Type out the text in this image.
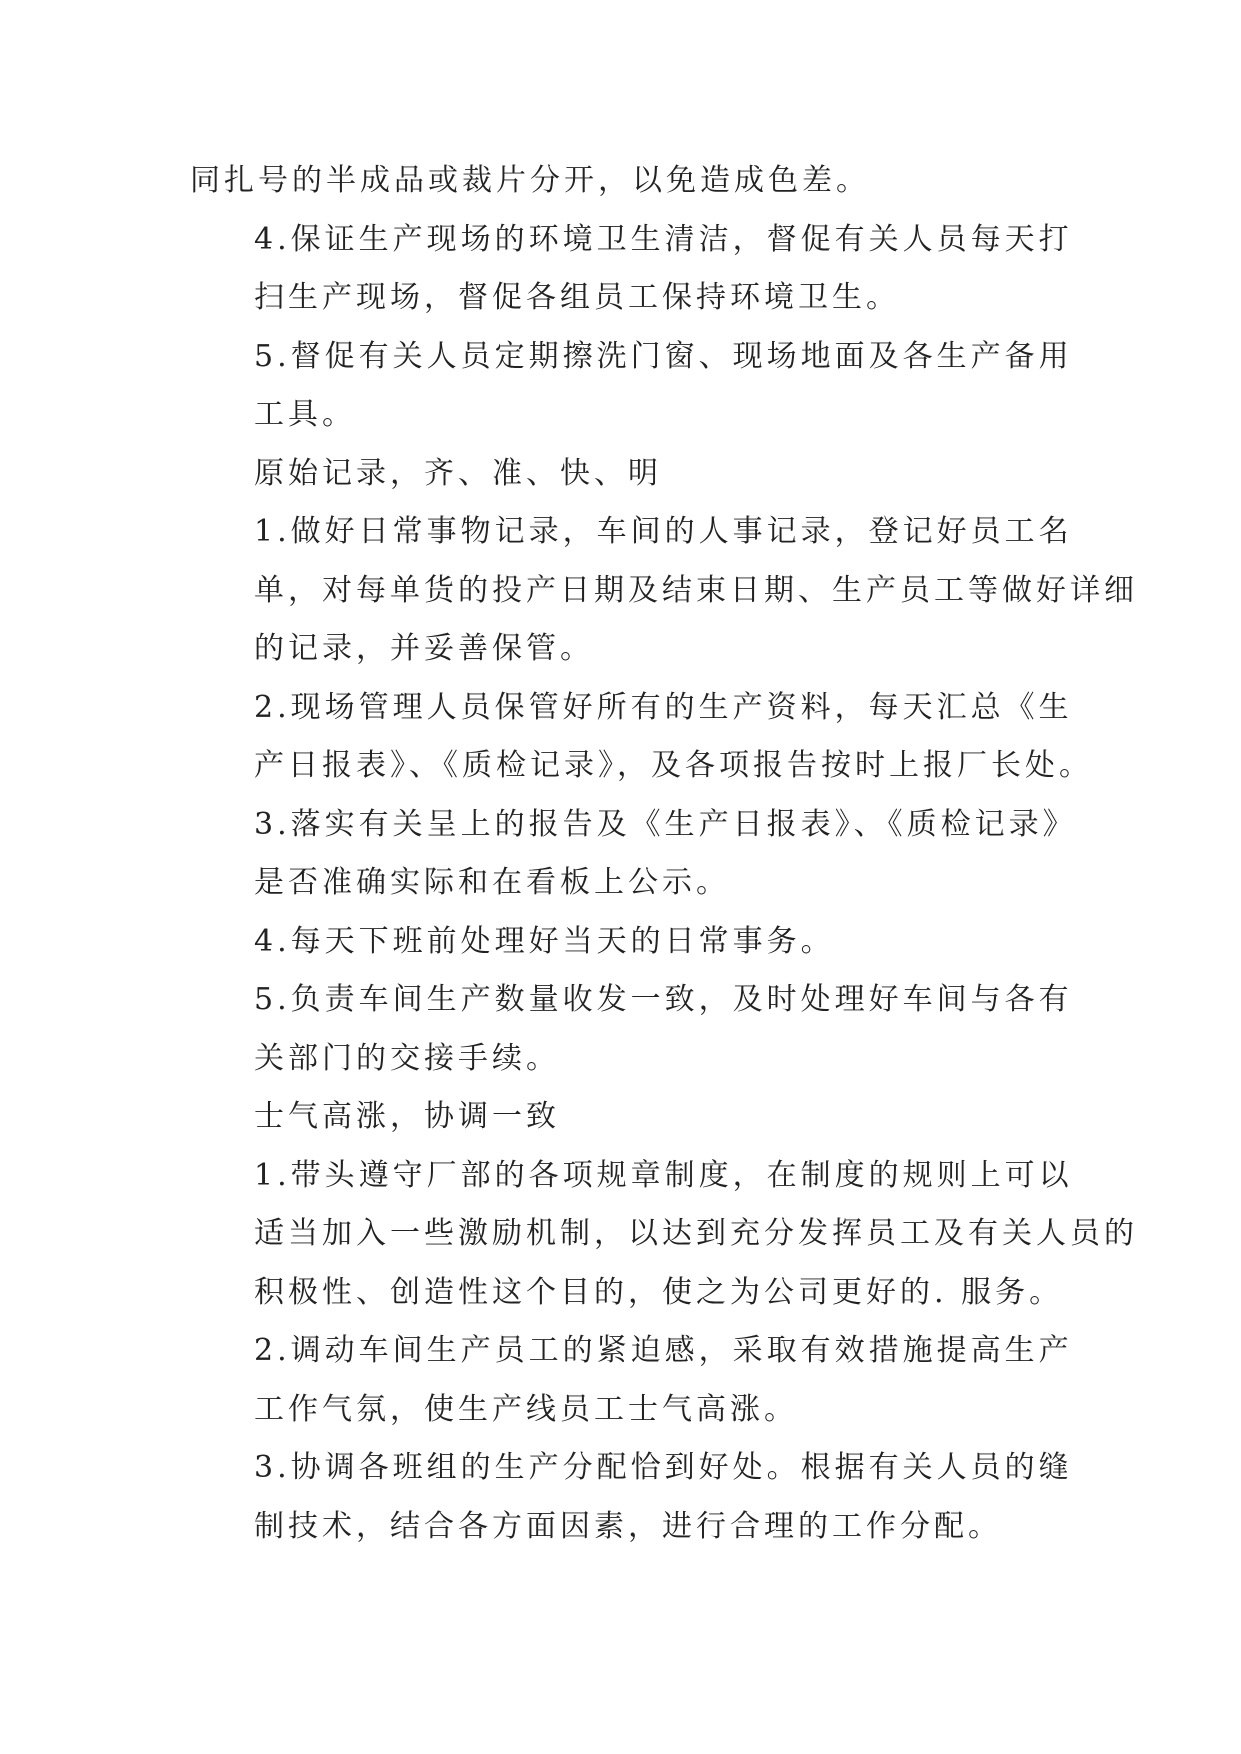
同扎号的半成品或裁片分开，以免造成色差。
4.保证生产现场的环境卫生清洁，督促有关人员每天打
扫生产现场，督促各组员工保持环境卫生。
5.督促有关人员定期擦洗门窗、现场地面及各生产备用
工具。
原始记录，齐、准、快、明
1.做好日常事物记录，车间的人事记录，登记好员工名
单，对每单货的投产日期及结束日期、生产员工等做好详细
的记录，并妥善保管。
2.现场管理人员保管好所有的生产资料，每天汇总《生
产日报表》、《质检记录》，及各项报告按时上报厂长处。
3.落实有关呈上的报告及《生产日报表》、《质检记录》
是否准确实际和在看板上公示。
4.每天下班前处理好当天的日常事务。
5.负责车间生产数量收发一致，及时处理好车间与各有
关部门的交接手续。
士气高涨，协调一致
1.带头遵守厂部的各项规章制度，在制度的规则上可以
适当加入一些激励机制，以达到充分发挥员工及有关人员的
积极性、创造性这个目的，使之为公司更好的. 服务。
2.调动车间生产员工的紧迫感，采取有效措施提高生产
工作气氛，使生产线员工士气高涨。
3.协调各班组的生产分配恰到好处。根据有关人员的缝
制技术，结合各方面因素，进行合理的工作分配。
